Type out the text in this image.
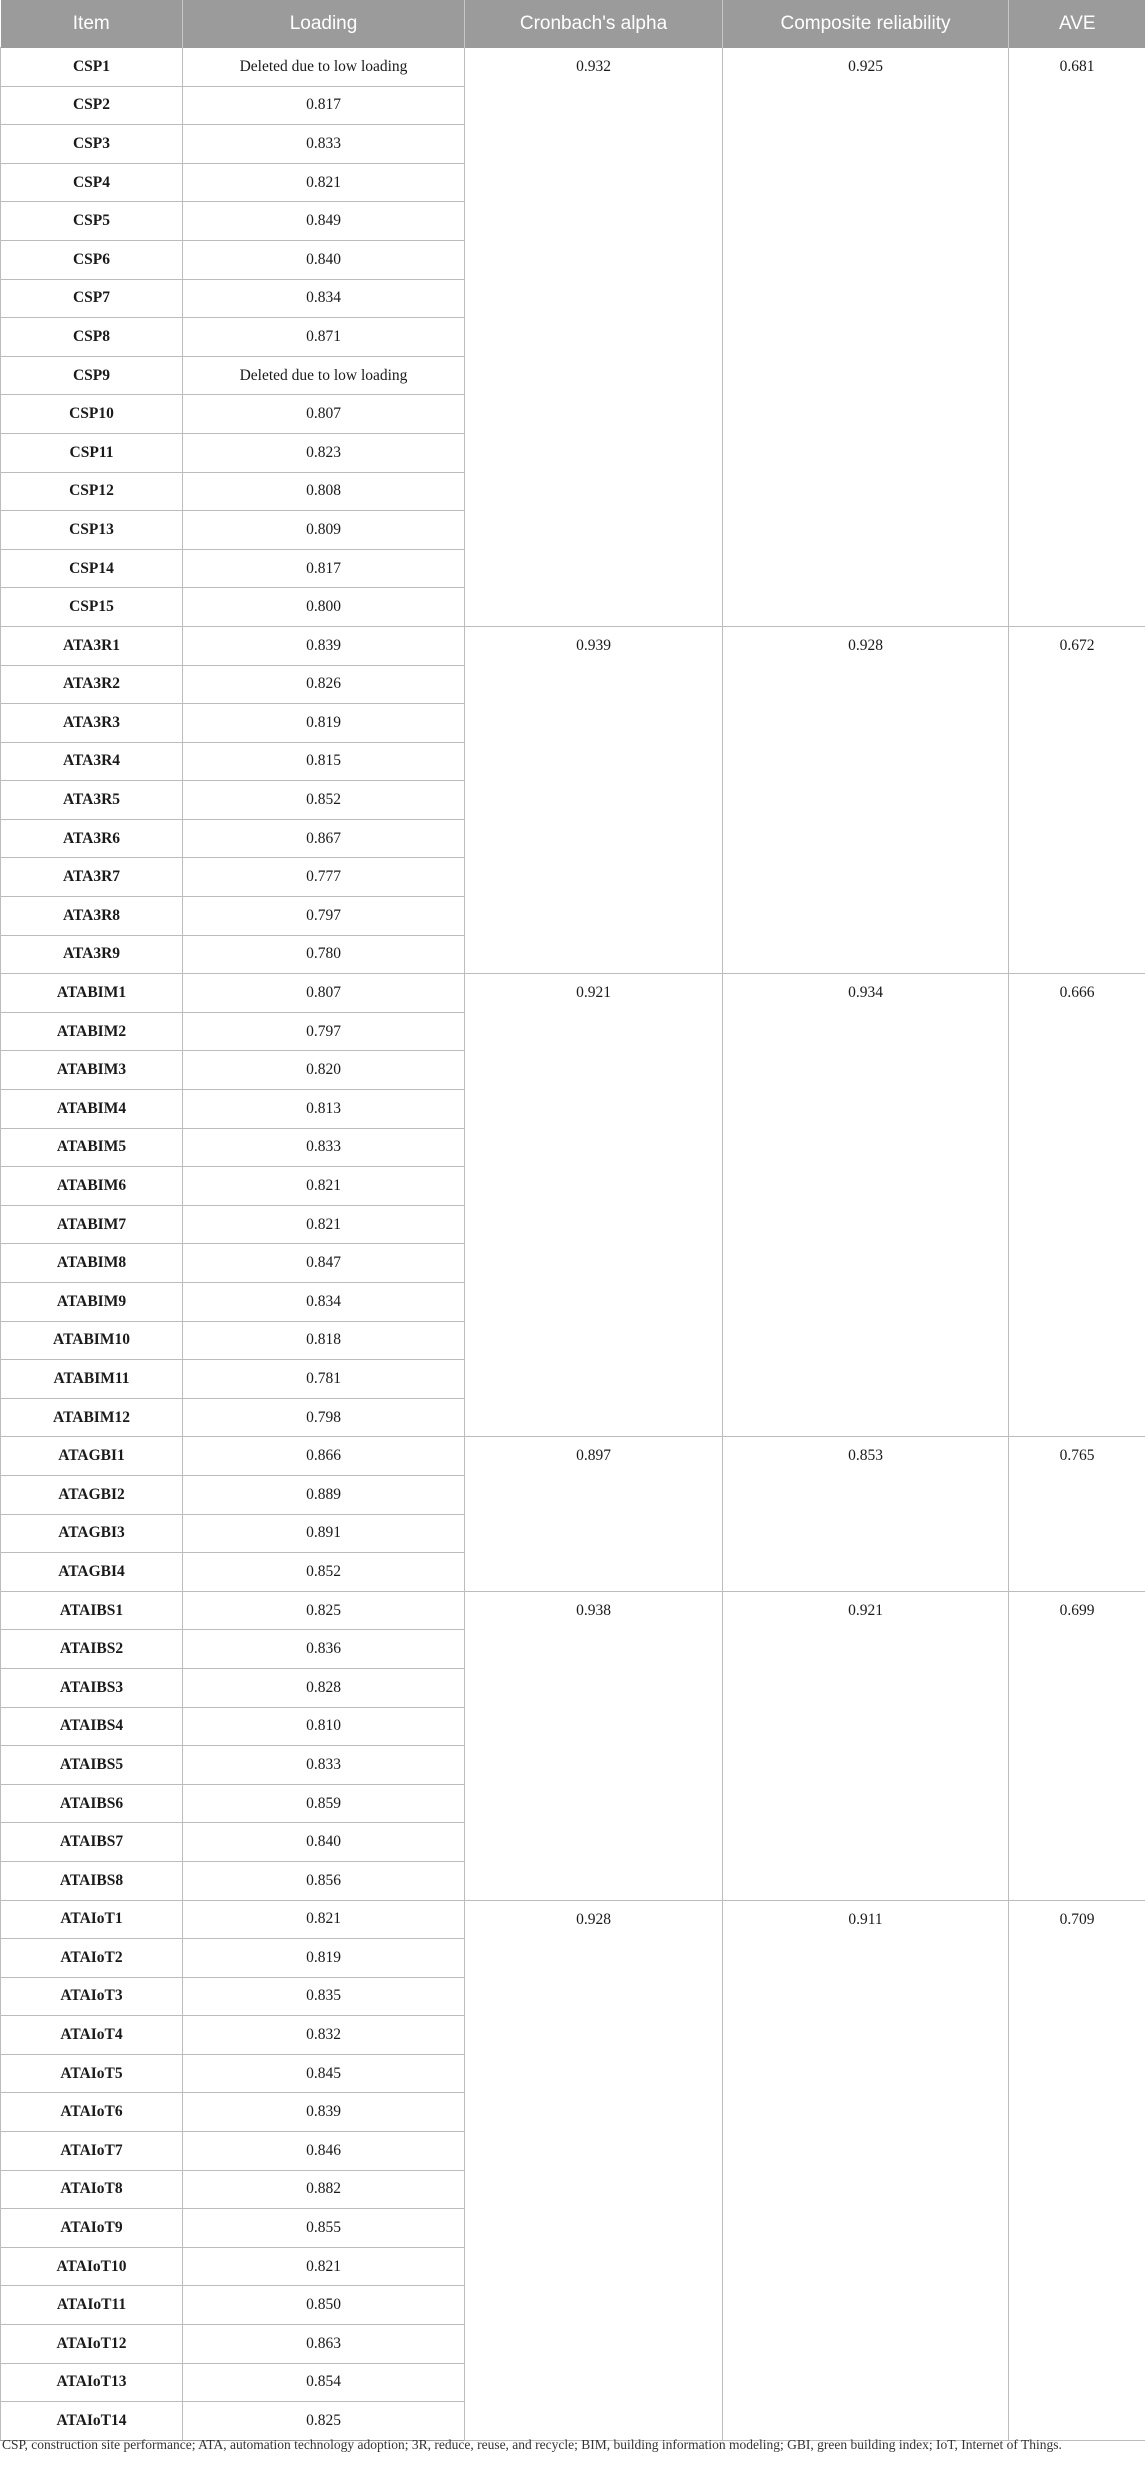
Item	Loading	Cronbach's alpha	Composite reliability	AVE
CSP1	Deleted due to low loading	0.932	0.925	0.681
CSP2	0.817			
CSP3	0.833			
CSP4	0.821			
CSP5	0.849			
CSP6	0.840			
CSP7	0.834			
CSP8	0.871			
CSP9	Deleted due to low loading			
CSP10	0.807			
CSP11	0.823			
CSP12	0.808			
CSP13	0.809			
CSP14	0.817			
CSP15	0.800			
ATA3R1	0.839	0.939	0.928	0.672
ATA3R2	0.826			
ATA3R3	0.819			
ATA3R4	0.815			
ATA3R5	0.852			
ATA3R6	0.867			
ATA3R7	0.777			
ATA3R8	0.797			
ATA3R9	0.780			
ATABIM1	0.807	0.921	0.934	0.666
ATABIM2	0.797			
ATABIM3	0.820			
ATABIM4	0.813			
ATABIM5	0.833			
ATABIM6	0.821			
ATABIM7	0.821			
ATABIM8	0.847			
ATABIM9	0.834			
ATABIM10	0.818			
ATABIM11	0.781			
ATABIM12	0.798			
ATAGBI1	0.866	0.897	0.853	0.765
ATAGBI2	0.889			
ATAGBI3	0.891			
ATAGBI4	0.852			
ATAIBS1	0.825	0.938	0.921	0.699
ATAIBS2	0.836			
ATAIBS3	0.828			
ATAIBS4	0.810			
ATAIBS5	0.833			
ATAIBS6	0.859			
ATAIBS7	0.840			
ATAIBS8	0.856			
ATAIoT1	0.821	0.928	0.911	0.709
ATAIoT2	0.819			
ATAIoT3	0.835			
ATAIoT4	0.832			
ATAIoT5	0.845			
ATAIoT6	0.839			
ATAIoT7	0.846			
ATAIoT8	0.882			
ATAIoT9	0.855			
ATAIoT10	0.821			
ATAIoT11	0.850			
ATAIoT12	0.863			
ATAIoT13	0.854			
ATAIoT14	0.825			

CSP, construction site performance; ATA, automation technology adoption; 3R, reduce, reuse, and recycle; BIM, building information modeling; GBI, green building index; IoT, Internet of Things.
